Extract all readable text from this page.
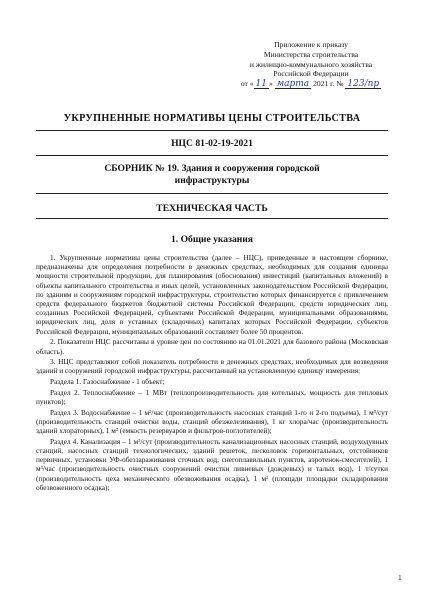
Приложение к приказу
Министерства строительства
и жилищно-коммунального хозяйства
Российской Федерации
от « 11 » марта 2021 г. № 123/пр
УКРУПНЕННЫЕ НОРМАТИВЫ ЦЕНЫ СТРОИТЕЛЬСТВА
НЦС 81-02-19-2021
СБОРНИК № 19. Здания и сооружения городской инфраструктуры
ТЕХНИЧЕСКАЯ ЧАСТЬ
1. Общие указания

1. Укрупненные нормативы цены строительства (далее – НЦС), приведенные в настоящем сборнике, предназначены для определения потребности в денежных средствах, необходимых для создания единицы мощности строительной продукции, для планирования (обоснования) инвестиций (капитальных вложений) в объекты капитального строительства и иных целей, установленных законодательством Российской Федерации, по зданиям и сооружениям городской инфраструктуры, строительство которых финансируется с привлечением средств федерального бюджетов бюджетной системы Российской Федерации, средств юридических лиц, созданных Российской Федерацией, субъектами Российской Федерации, муниципальными образованиями, юридических лиц, доля в уставных (складочных) капиталах которых Российской Федерации, субъектов Российской Федерации, муниципальных образований составляет более 50 процентов.

2. Показатели НЦС рассчитаны в уровне цен по состоянию на 01.01.2021 для базового района (Московская область).

3. НЦС представляют собой показатель потребности в денежных средствах, необходимых для возведения зданий и сооружений городской инфраструктуры, рассчитанный на установленную единицу измерения:

Раздела 1. Газоснабжение - 1 объект;

Раздел 2. Теплоснабжение – 1 МВт (теплопроизводительность для котельных, мощность для тепловых пунктов);

Раздел 3. Водоснабжение – 1 м³/час (производительность насосных станций 1-го и 2-го подъема), 1 м³/сут (производительность станций очистки воды, станций обезжелезивания), 1 кг хлора/час (производительность зданий хлораторных), 1 м³ (емкость резервуаров и фильтров-поглотителей);

Раздел 4. Канализация – 1 м³/сут (производительность канализационных насосных станций, воздуходувных станций, насосных станций технологических, зданий решеток, песколовок горизонтальных, отстойников первичных, установки УФ-обеззараживания сточных вод, снегоплавильных пунктов, аэротенок-смесителей), 1 м³/час (производительность очистных сооружений очистки ливневых (дождевых) и талых вод), 1 т/сутки (производительность цеха механического обезвоживания осадка), 1 м² (площади площадки складирования обезвоженного осадка);

1
